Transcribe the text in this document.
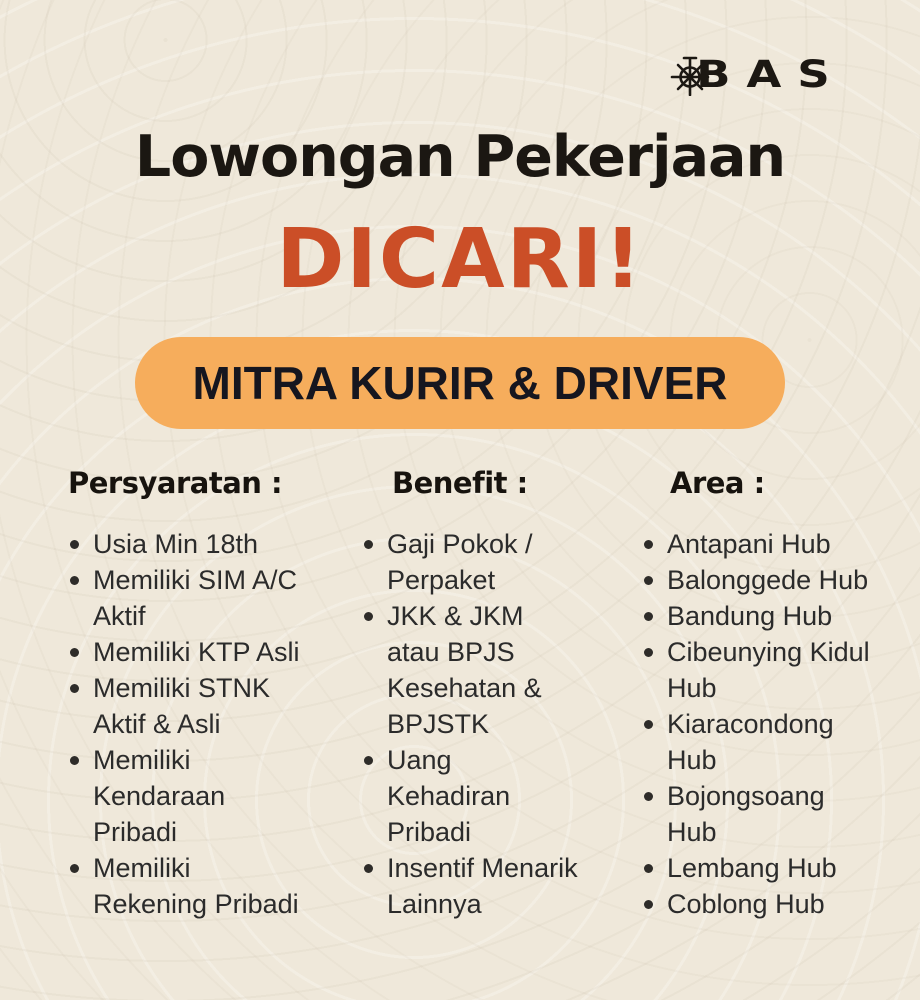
BAS
Lowongan Pekerjaan
DICARI!
MITRA KURIR & DRIVER
Persyaratan :
Usia Min 18th
Memiliki SIM A/C Aktif
Memiliki KTP Asli
Memiliki STNK Aktif & Asli
Memiliki Kendaraan Pribadi
Memiliki Rekening Pribadi
Benefit :
Gaji Pokok / Perpaket
JKK & JKM atau BPJS Kesehatan & BPJSTK
Uang Kehadiran Pribadi
Insentif Menarik Lainnya
Area :
Antapani Hub
Balonggede Hub
Bandung Hub
Cibeunying Kidul Hub
Kiaracondong Hub
Bojongsoang Hub
Lembang Hub
Coblong Hub
